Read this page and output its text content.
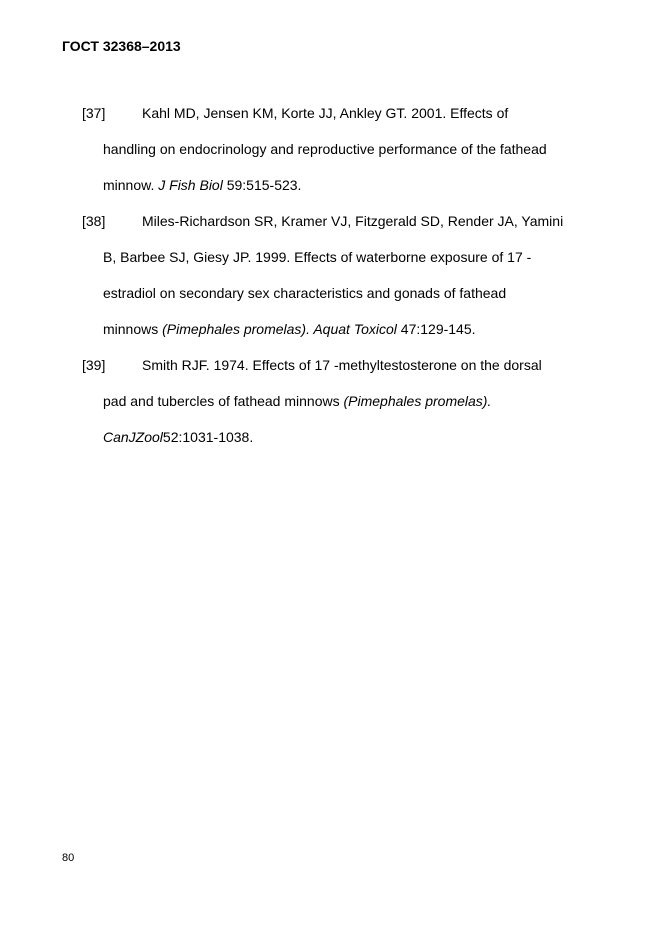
ГОСТ 32368–2013
[37]	Kahl MD, Jensen KM, Korte JJ, Ankley GT. 2001. Effects of
handling on endocrinology and reproductive performance of the fathead
minnow. J Fish Biol 59:515-523.
[38]	Miles-Richardson SR, Kramer VJ, Fitzgerald SD, Render JA, Yamini
B, Barbee SJ, Giesy JP. 1999. Effects of waterborne exposure of 17 -
estradiol on secondary sex characteristics and gonads of fathead
minnows (Pimephales promelas). Aquat Toxicol 47:129-145.
[39]	Smith RJF. 1974. Effects of 17 -methyltestosterone on the dorsal
pad and tubercles of fathead minnows (Pimephales promelas).
CanJZool52:1031-1038.
80
